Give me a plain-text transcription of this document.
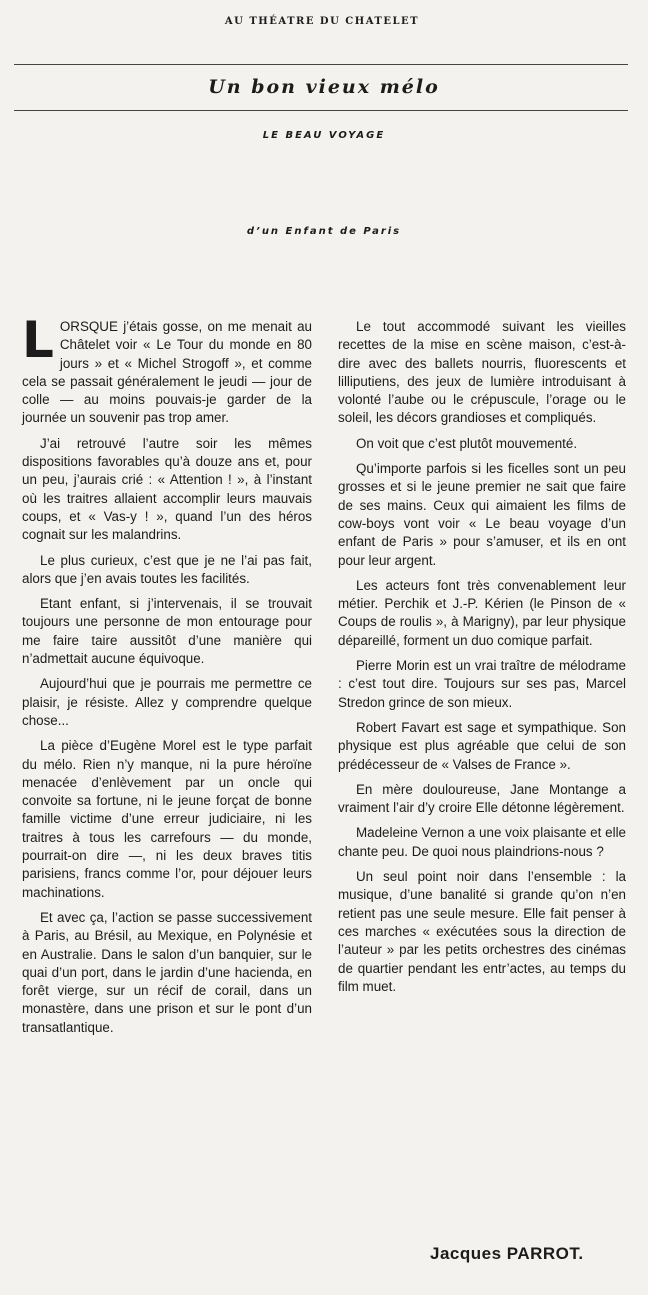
AU THÉATRE DU CHATELET
Un bon vieux mélo
LE BEAU VOYAGE
d’un Enfant de Paris

LORSQUE j’étais gosse, on me menait au Châtelet voir « Le Tour du monde en 80 jours » et « Michel Strogoff », et comme cela se passait généralement le jeudi — jour de colle — au moins pouvais-je garder de la journée un souvenir pas trop amer.

J’ai retrouvé l’autre soir les mêmes dispositions favorables qu’à douze ans et, pour un peu, j’aurais crié : « Attention ! », à l’instant où les traitres allaient accomplir leurs mauvais coups, et « Vas-y ! », quand l’un des héros cognait sur les malandrins.

Le plus curieux, c’est que je ne l’ai pas fait, alors que j’en avais toutes les facilités.

Etant enfant, si j’intervenais, il se trouvait toujours une personne de mon entourage pour me faire taire aussitôt d’une manière qui n’admettait aucune équivoque.

Aujourd’hui que je pourrais me permettre ce plaisir, je résiste. Allez y comprendre quelque chose...

La pièce d’Eugène Morel est le type parfait du mélo. Rien n’y manque, ni la pure héroïne menacée d’enlèvement par un oncle qui convoite sa fortune, ni le jeune forçat de bonne famille victime d’une erreur judiciaire, ni les traitres à tous les carrefours — du monde, pourrait-on dire —, ni les deux braves titis parisiens, francs comme l’or, pour déjouer leurs machinations.

Et avec ça, l’action se passe successivement à Paris, au Brésil, au Mexique, en Polynésie et en Australie. Dans le salon d’un banquier, sur le quai d’un port, dans le jardin d’une hacienda, en forêt vierge, sur un récif de corail, dans un monastère, dans une prison et sur le pont d’un transatlantique.

Le tout accommodé suivant les vieilles recettes de la mise en scène maison, c’est-à-dire avec des ballets nourris, fluorescents et lilliputiens, des jeux de lumière introduisant à volonté l’aube ou le crépuscule, l’orage ou le soleil, les décors grandioses et compliqués.

On voit que c’est plutôt mouvementé.

Qu’importe parfois si les ficelles sont un peu grosses et si le jeune premier ne sait que faire de ses mains. Ceux qui aimaient les films de cow-boys vont voir « Le beau voyage d’un enfant de Paris » pour s’amuser, et ils en ont pour leur argent.

Les acteurs font très convenablement leur métier. Perchik et J.-P. Kérien (le Pinson de « Coups de roulis », à Marigny), par leur physique dépareillé, forment un duo comique parfait.

Pierre Morin est un vrai traître de mélodrame : c’est tout dire. Toujours sur ses pas, Marcel Stredon grince de son mieux.

Robert Favart est sage et sympathique. Son physique est plus agréable que celui de son prédécesseur de « Valses de France ».

En mère douloureuse, Jane Montange a vraiment l’air d’y croire Elle détonne légèrement.

Madeleine Vernon a une voix plaisante et elle chante peu. De quoi nous plaindrions-nous ?

Un seul point noir dans l’ensemble : la musique, d’une banalité si grande qu’on n’en retient pas une seule mesure. Elle fait penser à ces marches « exécutées sous la direction de l’auteur » par les petits orchestres des cinémas de quartier pendant les entr’actes, au temps du film muet.

Jacques PARROT.
